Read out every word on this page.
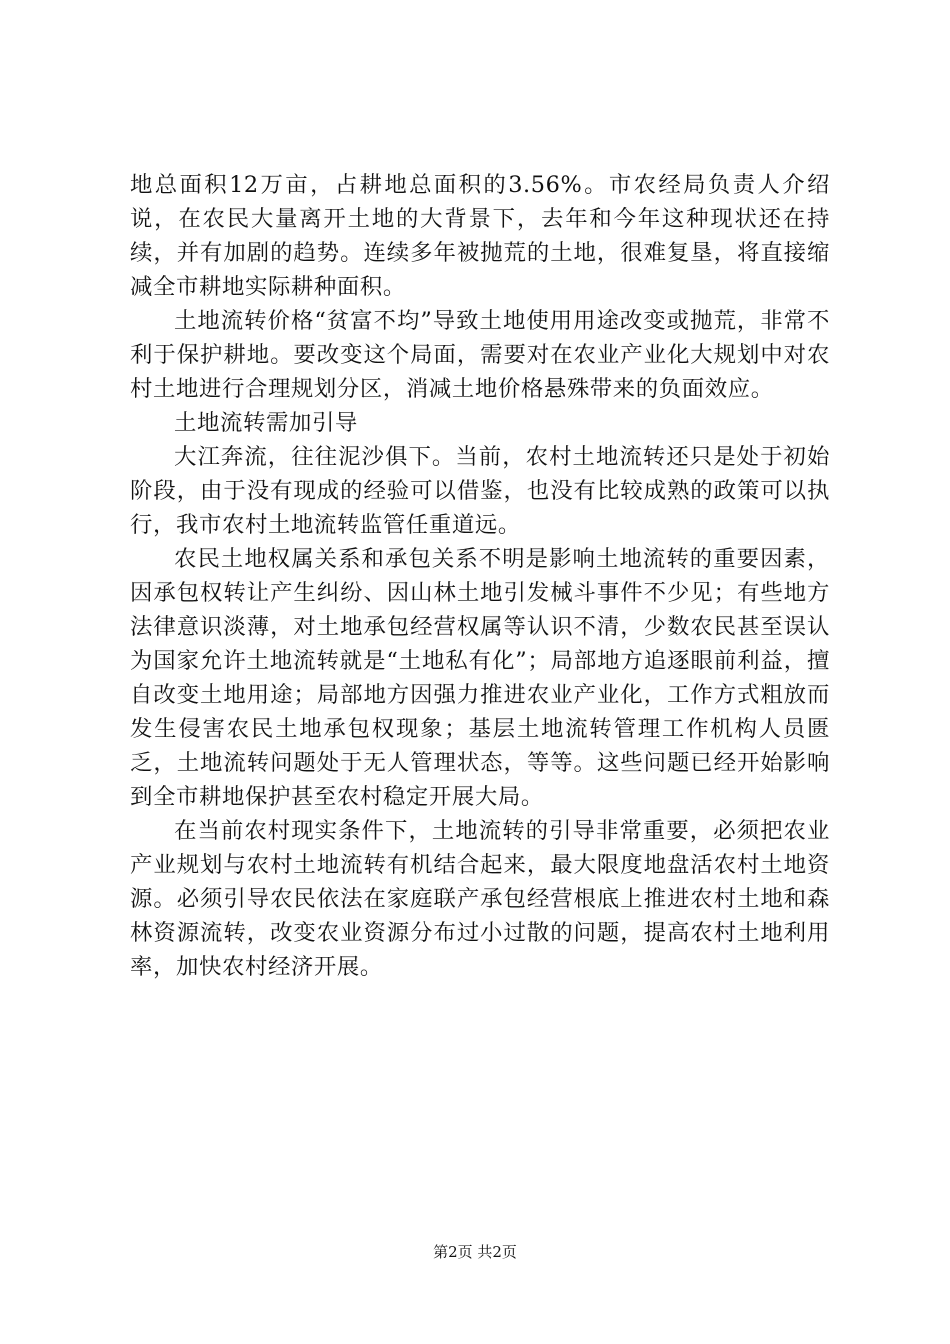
地总面积12万亩，占耕地总面积的3.56%。市农经局负责人介绍说，在农民大量离开土地的大背景下，去年和今年这种现状还在持续，并有加剧的趋势。连续多年被抛荒的土地，很难复垦，将直接缩减全市耕地实际耕种面积。

土地流转价格“贫富不均”导致土地使用用途改变或抛荒，非常不利于保护耕地。要改变这个局面，需要对在农业产业化大规划中对农村土地进行合理规划分区，消减土地价格悬殊带来的负面效应。

土地流转需加引导

大江奔流，往往泥沙俱下。当前，农村土地流转还只是处于初始阶段，由于没有现成的经验可以借鉴，也没有比较成熟的政策可以执行，我市农村土地流转监管任重道远。

农民土地权属关系和承包关系不明是影响土地流转的重要因素，因承包权转让产生纠纷、因山林土地引发械斗事件不少见；有些地方法律意识淡薄，对土地承包经营权属等认识不清，少数农民甚至误认为国家允许土地流转就是“土地私有化”；局部地方追逐眼前利益，擅自改变土地用途；局部地方因强力推进农业产业化，工作方式粗放而发生侵害农民土地承包权现象；基层土地流转管理工作机构人员匮乏，土地流转问题处于无人管理状态，等等。这些问题已经开始影响到全市耕地保护甚至农村稳定开展大局。

在当前农村现实条件下，土地流转的引导非常重要，必须把农业产业规划与农村土地流转有机结合起来，最大限度地盘活农村土地资源。必须引导农民依法在家庭联产承包经营根底上推进农村土地和森林资源流转，改变农业资源分布过小过散的问题，提高农村土地利用率，加快农村经济开展。

第2页 共2页
